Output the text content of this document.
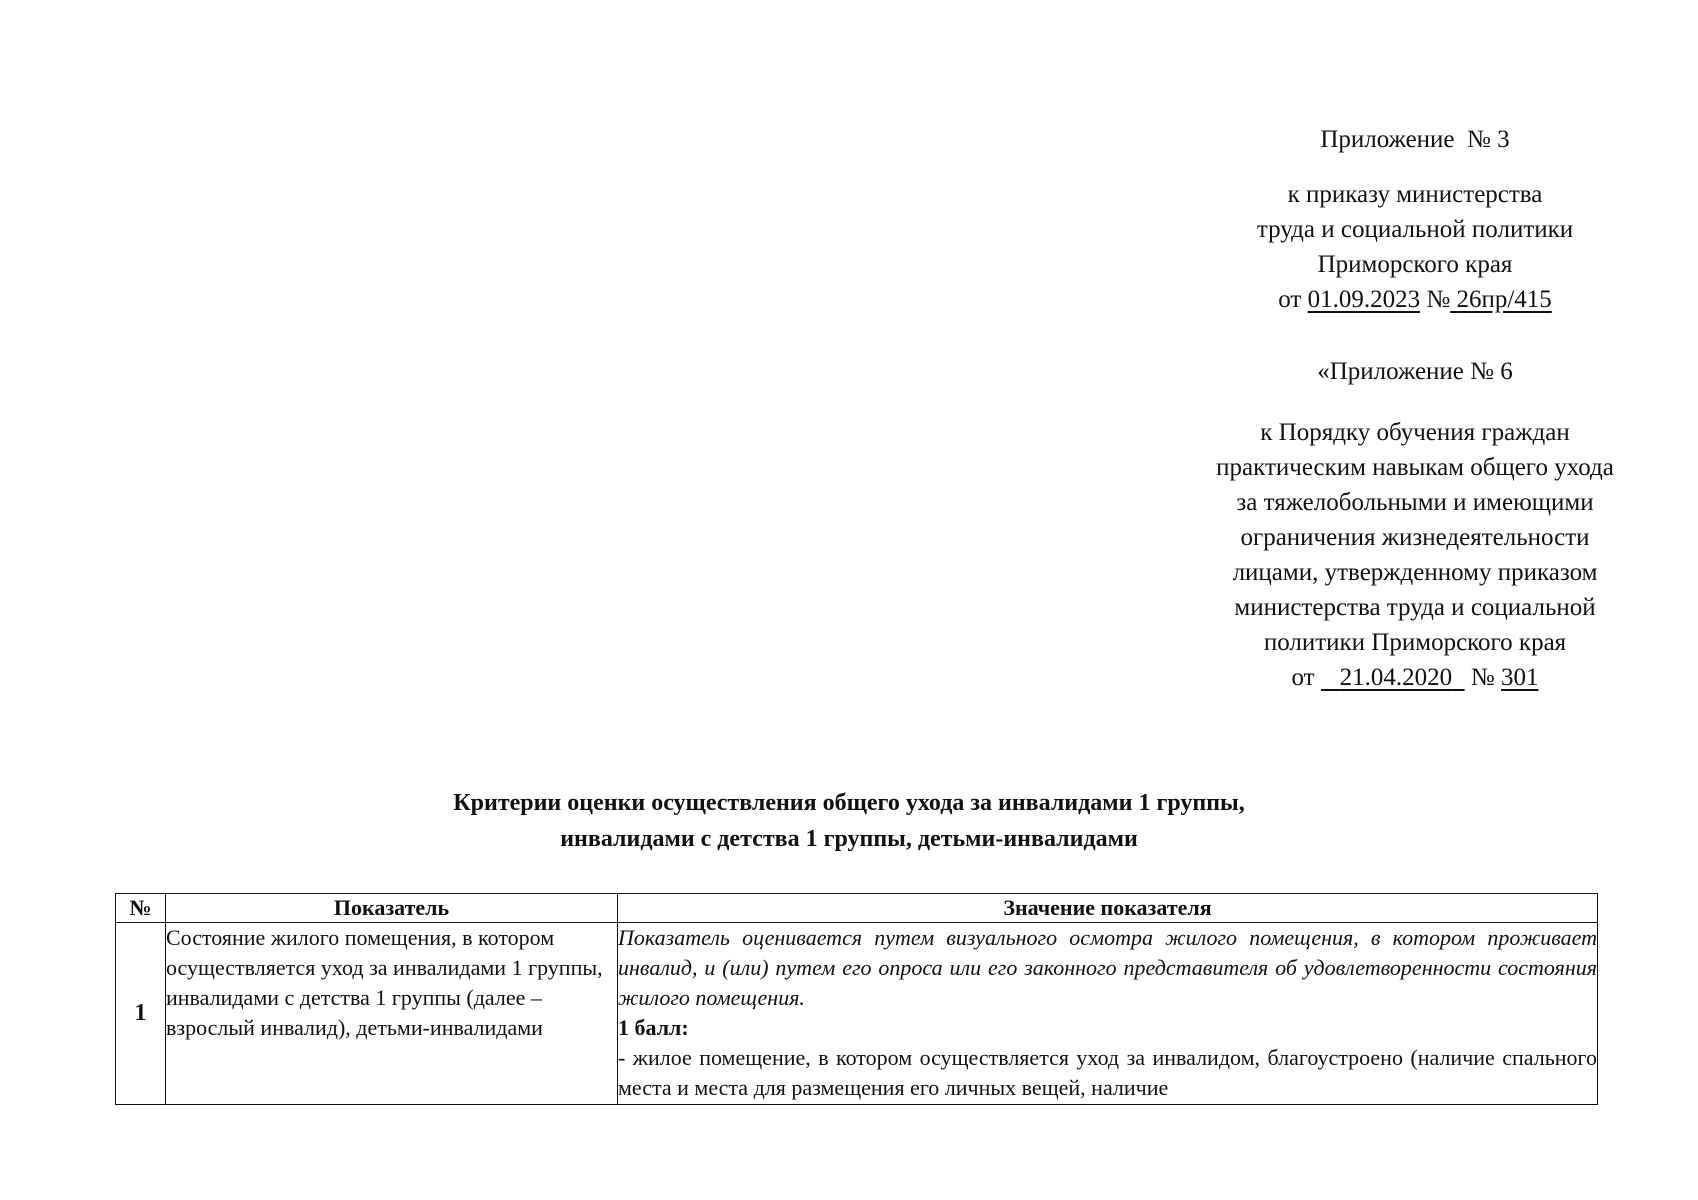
Приложение № 3
к приказу министерства
труда и социальной политики
Приморского края
от 01.09.2023 № 26пр/415
«Приложение № 6
к Порядку обучения граждан
практическим навыкам общего ухода
за тяжелобольными и имеющими
ограничения жизнедеятельности
лицами, утвержденному приказом
министерства труда и социальной
политики Приморского края
от 21.04.2020 № 301
Критерии оценки осуществления общего ухода за инвалидами 1 группы,
инвалидами с детства 1 группы, детьми-инвалидами
№	Показатель	Значение показателя
1	Состояние жилого помещения, в котором осуществляется уход за инвалидами 1 группы, инвалидами с детства 1 группы (далее – взрослый инвалид), детьми-инвалидами	Показатель оценивается путем визуального осмотра жилого помещения, в котором проживает инвалид, и (или) путем его опроса или его законного представителя об удовлетворенности состояния жилого помещения.
1 балл:
- жилое помещение, в котором осуществляется уход за инвалидом, благоустроено (наличие спального места и места для размещения его личных вещей, наличие
